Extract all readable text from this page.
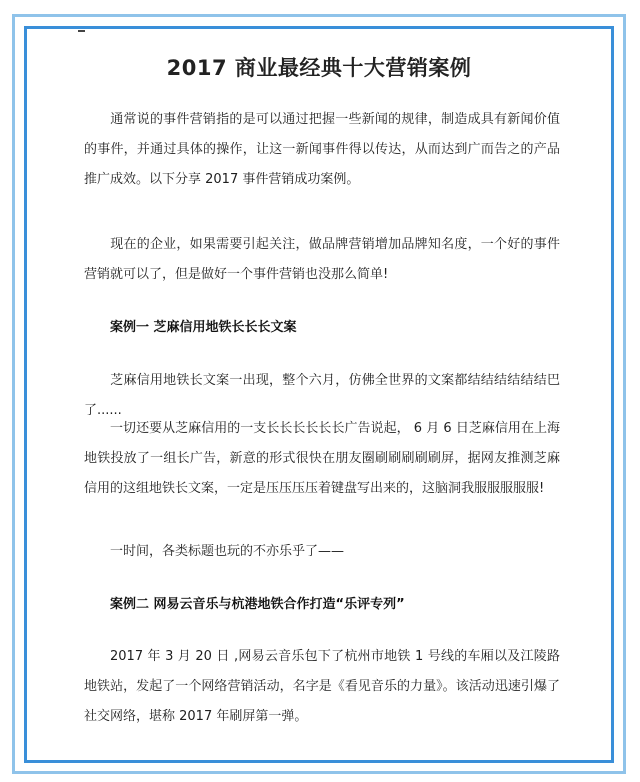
2017 商业最经典十大营销案例
通常说的事件营销指的是可以通过把握一些新闻的规律，制造成具有新闻价值的事件，并通过具体的操作，让这一新闻事件得以传达，从而达到广而告之的产品推广成效。以下分享 2017 事件营销成功案例。
现在的企业，如果需要引起关注，做品牌营销增加品牌知名度，一个好的事件营销就可以了，但是做好一个事件营销也没那么简单!
案例一 芝麻信用地铁长长长文案
芝麻信用地铁长文案一出现，整个六月，仿佛全世界的文案都结结结结结结巴了......
一切还要从芝麻信用的一支长长长长长长广告说起， 6 月 6 日芝麻信用在上海地铁投放了一组长广告，新意的形式很快在朋友圈刷刷刷刷刷屏，据网友推测芝麻信用的这组地铁长文案，一定是压压压压着键盘写出来的，这脑洞我服服服服服!
一时间，各类标题也玩的不亦乐乎了——
案例二 网易云音乐与杭港地铁合作打造“乐评专列”
2017 年 3 月 20 日 ,网易云音乐包下了杭州市地铁 1 号线的车厢以及江陵路地铁站，发起了一个网络营销活动，名字是《看见音乐的力量》。该活动迅速引爆了社交网络，堪称 2017 年刷屏第一弹。
